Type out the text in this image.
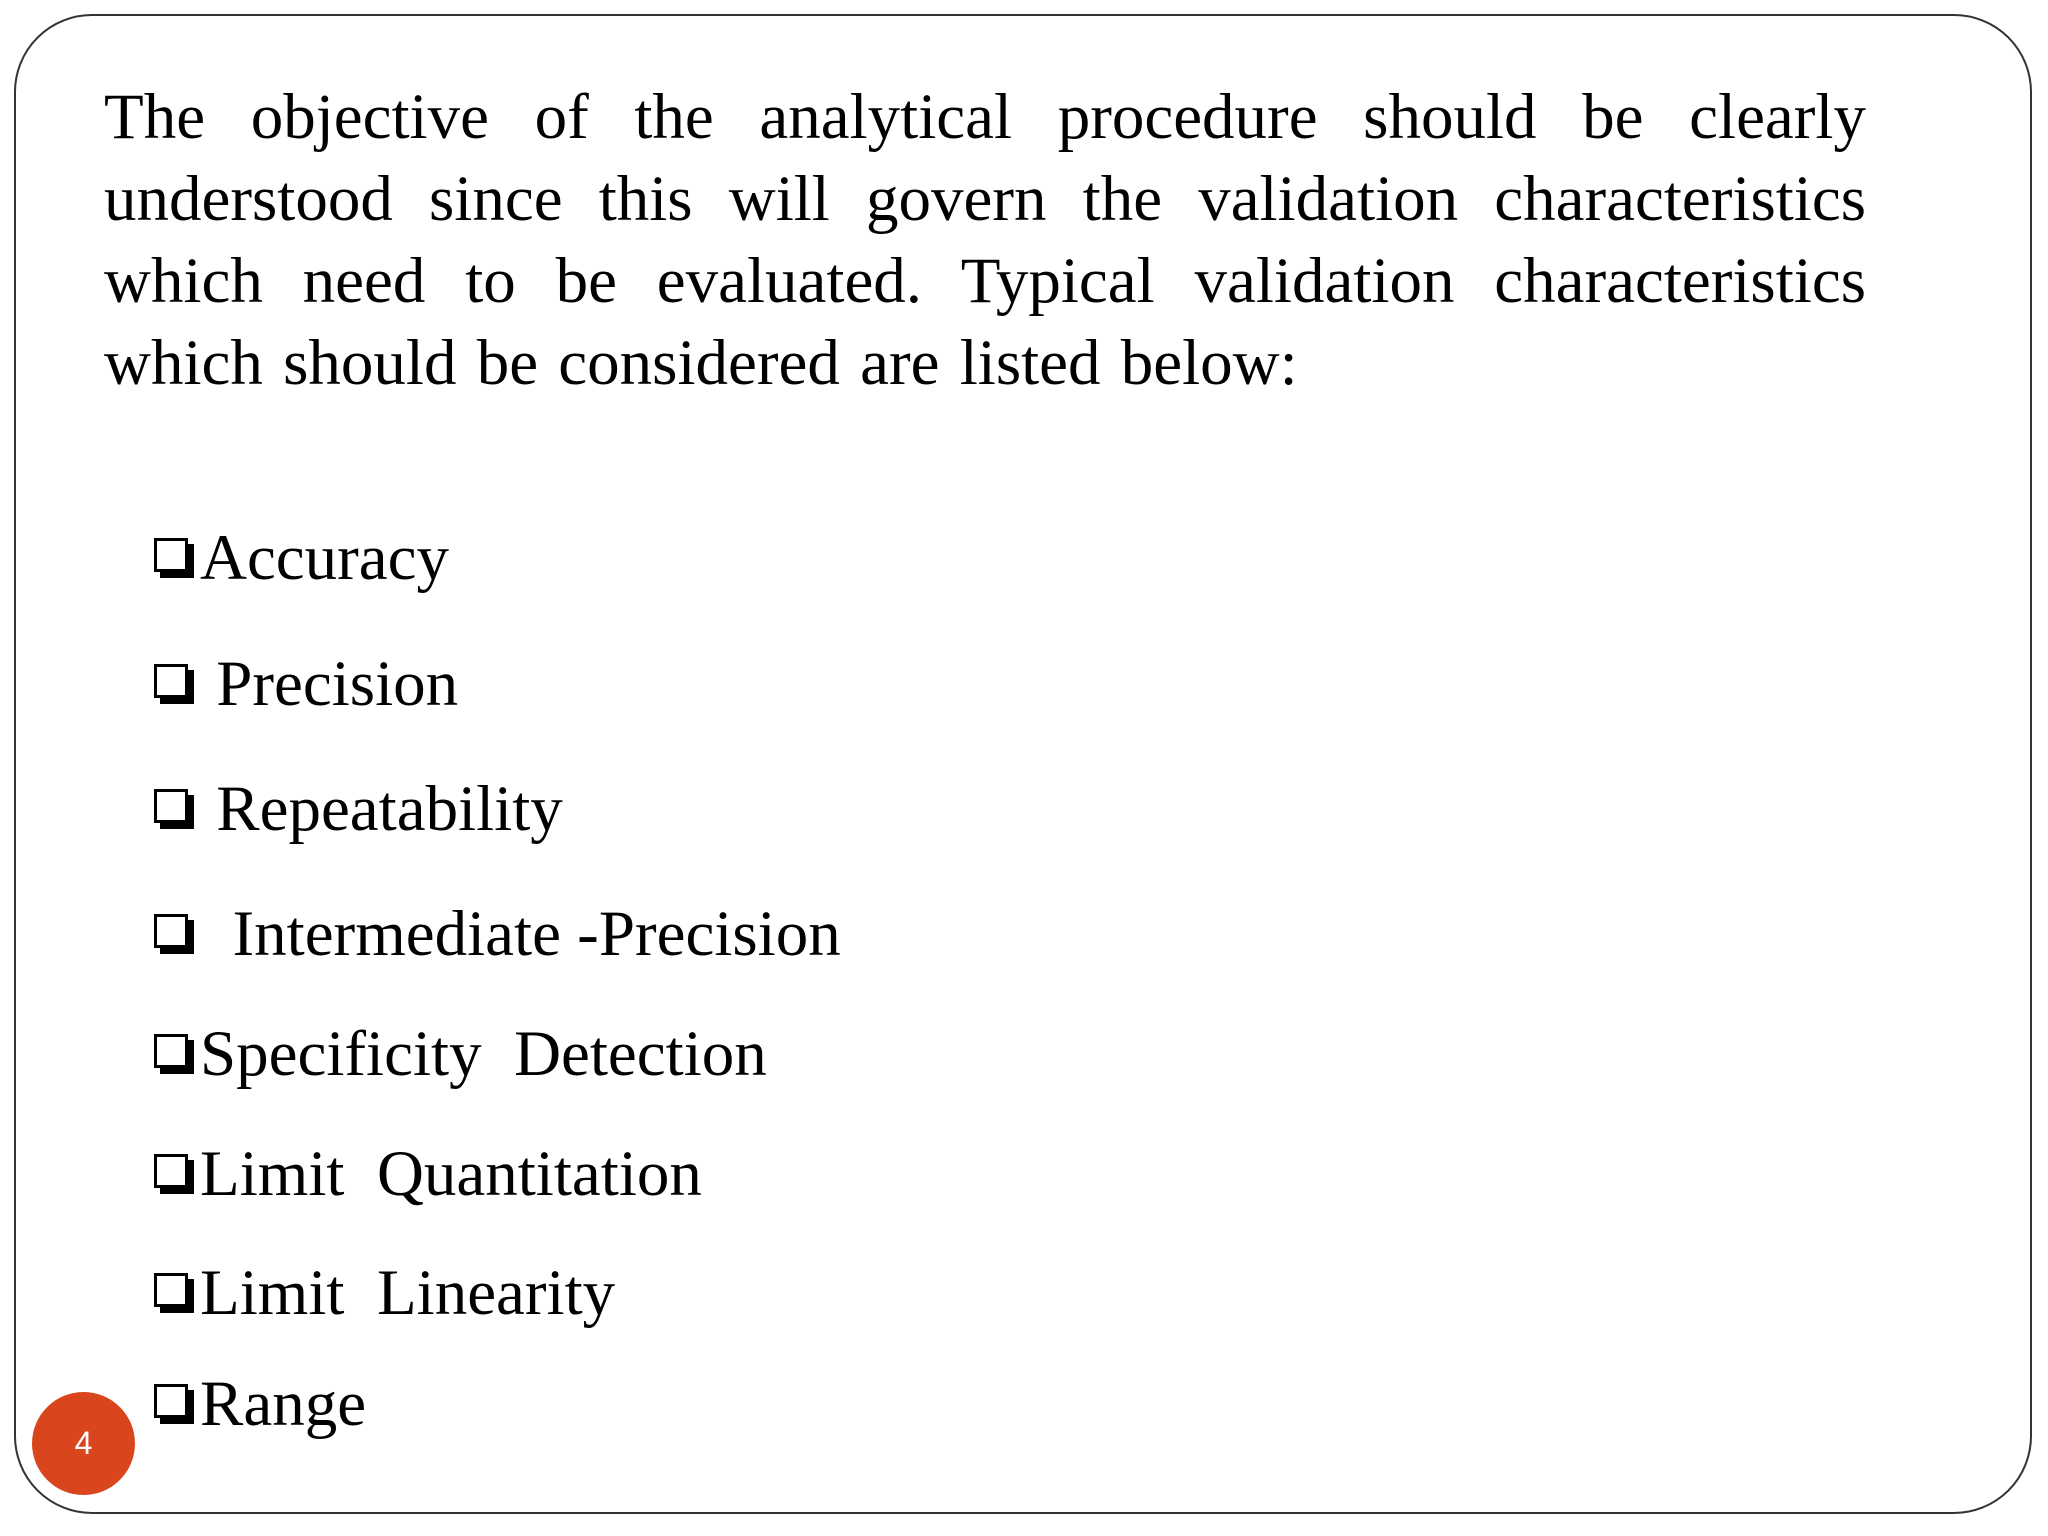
The objective of the analytical procedure should be clearly understood since this will govern the validation characteristics which need to be evaluated. Typical validation characteristics which should be considered are listed below:

Accuracy
Precision
Repeatability
Intermediate -Precision
Specificity  Detection
Limit  Quantitation
Limit  Linearity
Range
4
